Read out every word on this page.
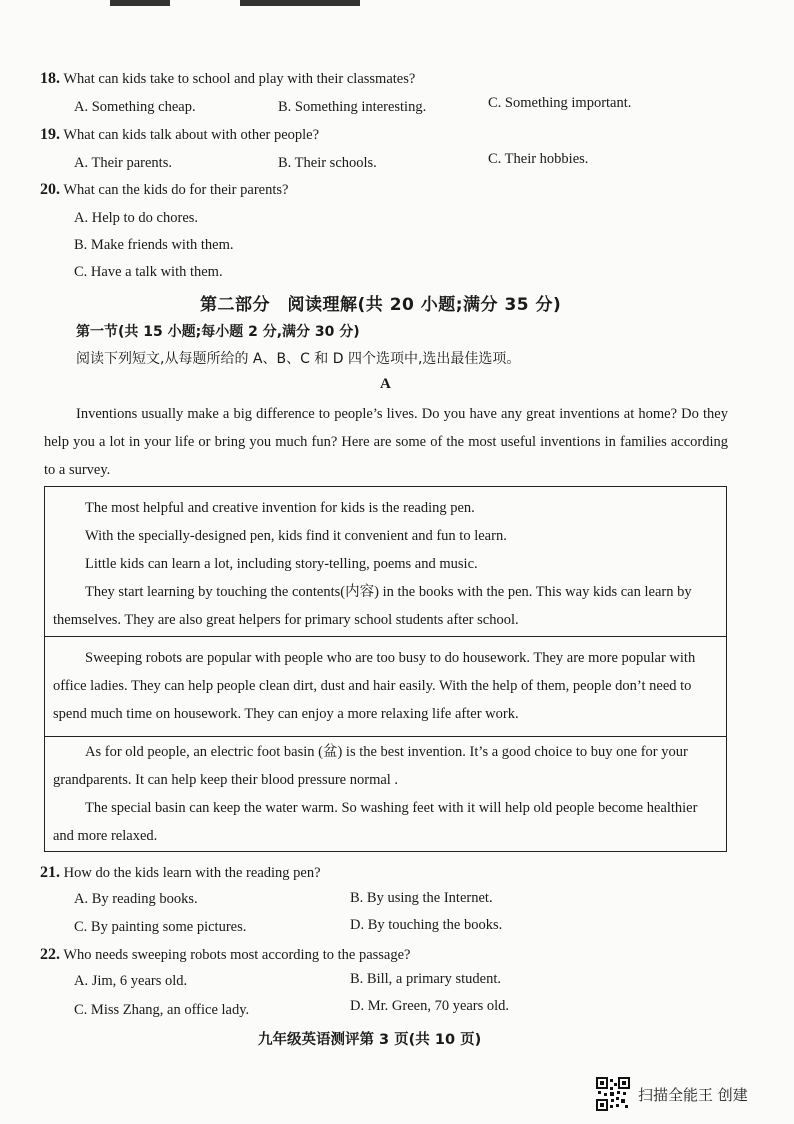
18. What can kids take to school and play with their classmates?
A. Something cheap.	B. Something interesting.	C. Something important.
19. What can kids talk about with other people?
A. Their parents.	B. Their schools.	C. Their hobbies.
20. What can the kids do for their parents?
A. Help to do chores.
B. Make friends with them.
C. Have a talk with them.
第二部分　阅读理解(共 20 小题;满分 35 分)
第一节(共 15 小题;每小题 2 分,满分 30 分)
阅读下列短文,从每题所给的 A、B、C 和 D 四个选项中,选出最佳选项。
A
Inventions usually make a big difference to people’s lives. Do you have any great inventions at home? Do they help you a lot in your life or bring you much fun? Here are some of the most useful inventions in families according to a survey.

The most helpful and creative invention for kids is the reading pen.

With the specially-designed pen, kids find it convenient and fun to learn.

Little kids can learn a lot, including story-telling, poems and music.

They start learning by touching the contents(内容) in the books with the pen. This way kids can learn by themselves. They are also great helpers for primary school students after school.

Sweeping robots are popular with people who are too busy to do housework. They are more popular with office ladies. They can help people clean dirt, dust and hair easily. With the help of them, people don’t need to spend much time on housework. They can enjoy a more relaxing life after work.

As for old people, an electric foot basin (盆) is the best invention. It’s a good choice to buy one for your grandparents. It can help keep their blood pressure normal .

The special basin can keep the water warm. So washing feet with it will help old people become healthier and more relaxed.

21. How do the kids learn with the reading pen?
A. By reading books.	B. By using the Internet.
C. By painting some pictures.	D. By touching the books.
22. Who needs sweeping robots most according to the passage?
A. Jim, 6 years old.	B. Bill, a primary student.
C. Miss Zhang, an office lady.	D. Mr. Green, 70 years old.
九年级英语测评第 3 页(共 10 页)
扫描全能王 创建
